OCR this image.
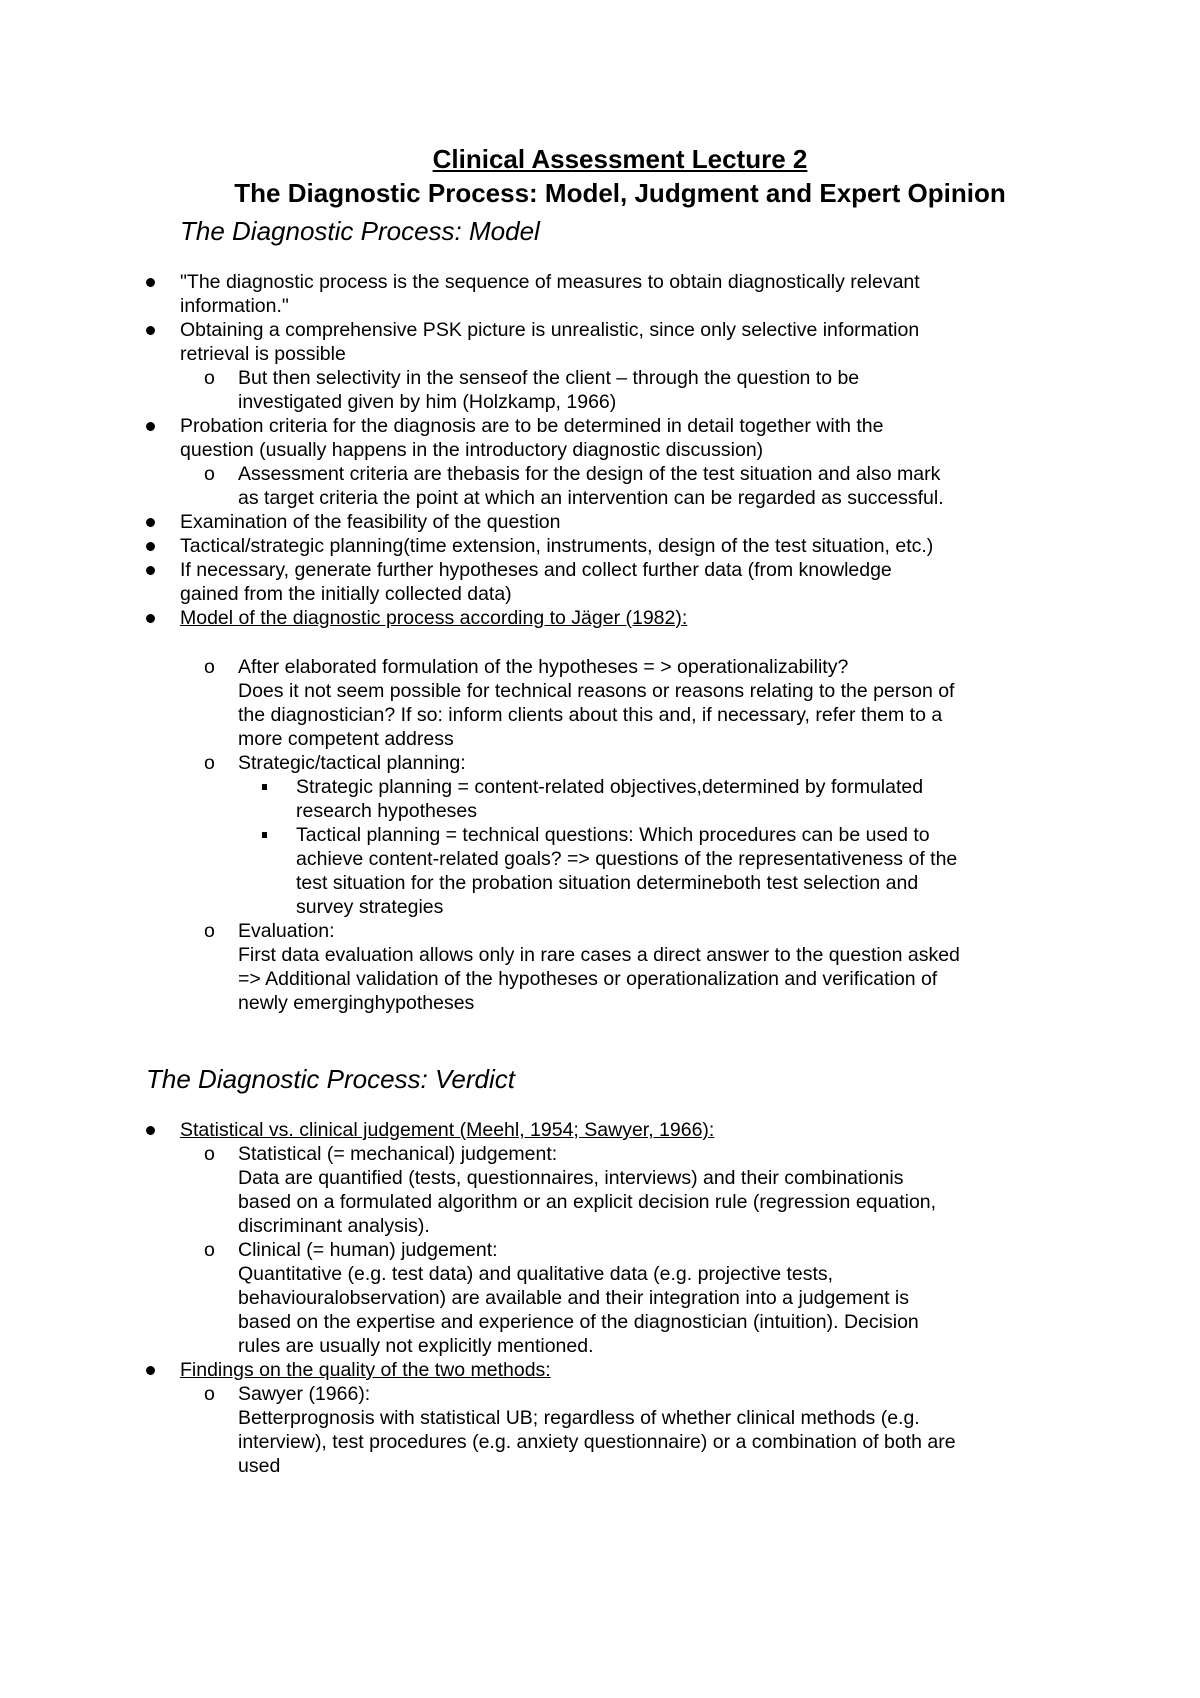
Clinical Assessment Lecture 2
The Diagnostic Process: Model, Judgment and Expert Opinion
The Diagnostic Process: Model
"The diagnostic process is the sequence of measures to obtain diagnostically relevant
information."
Obtaining a comprehensive PSK picture is unrealistic, since only selective information
retrieval is possible
o But then selectivity in the senseof the client – through the question to be
investigated given by him (Holzkamp, 1966)
Probation criteria for the diagnosis are to be determined in detail together with the
question (usually happens in the introductory diagnostic discussion)
o Assessment criteria are thebasis for the design of the test situation and also mark
as target criteria the point at which an intervention can be regarded as successful.
Examination of the feasibility of the question
Tactical/strategic planning(time extension, instruments, design of the test situation, etc.)
If necessary, generate further hypotheses and collect further data (from knowledge
gained from the initially collected data)
Model of the diagnostic process according to Jäger (1982):
o After elaborated formulation of the hypotheses = > operationalizability?
Does it not seem possible for technical reasons or reasons relating to the person of
the diagnostician? If so: inform clients about this and, if necessary, refer them to a
more competent address
o Strategic/tactical planning:
Strategic planning = content-related objectives,determined by formulated
research hypotheses
Tactical planning = technical questions: Which procedures can be used to
achieve content-related goals? => questions of the representativeness of the
test situation for the probation situation determineboth test selection and
survey strategies
o Evaluation:
First data evaluation allows only in rare cases a direct answer to the question asked
=> Additional validation of the hypotheses or operationalization and verification of
newly emerginghypotheses
The Diagnostic Process: Verdict
Statistical vs. clinical judgement (Meehl, 1954; Sawyer, 1966):
o Statistical (= mechanical) judgement:
Data are quantified (tests, questionnaires, interviews) and their combinationis
based on a formulated algorithm or an explicit decision rule (regression equation,
discriminant analysis).
o Clinical (= human) judgement:
Quantitative (e.g. test data) and qualitative data (e.g. projective tests,
behaviouralobservation) are available and their integration into a judgement is
based on the expertise and experience of the diagnostician (intuition). Decision
rules are usually not explicitly mentioned.
Findings on the quality of the two methods:
o Sawyer (1966):
Betterprognosis with statistical UB; regardless of whether clinical methods (e.g.
interview), test procedures (e.g. anxiety questionnaire) or a combination of both are
used
